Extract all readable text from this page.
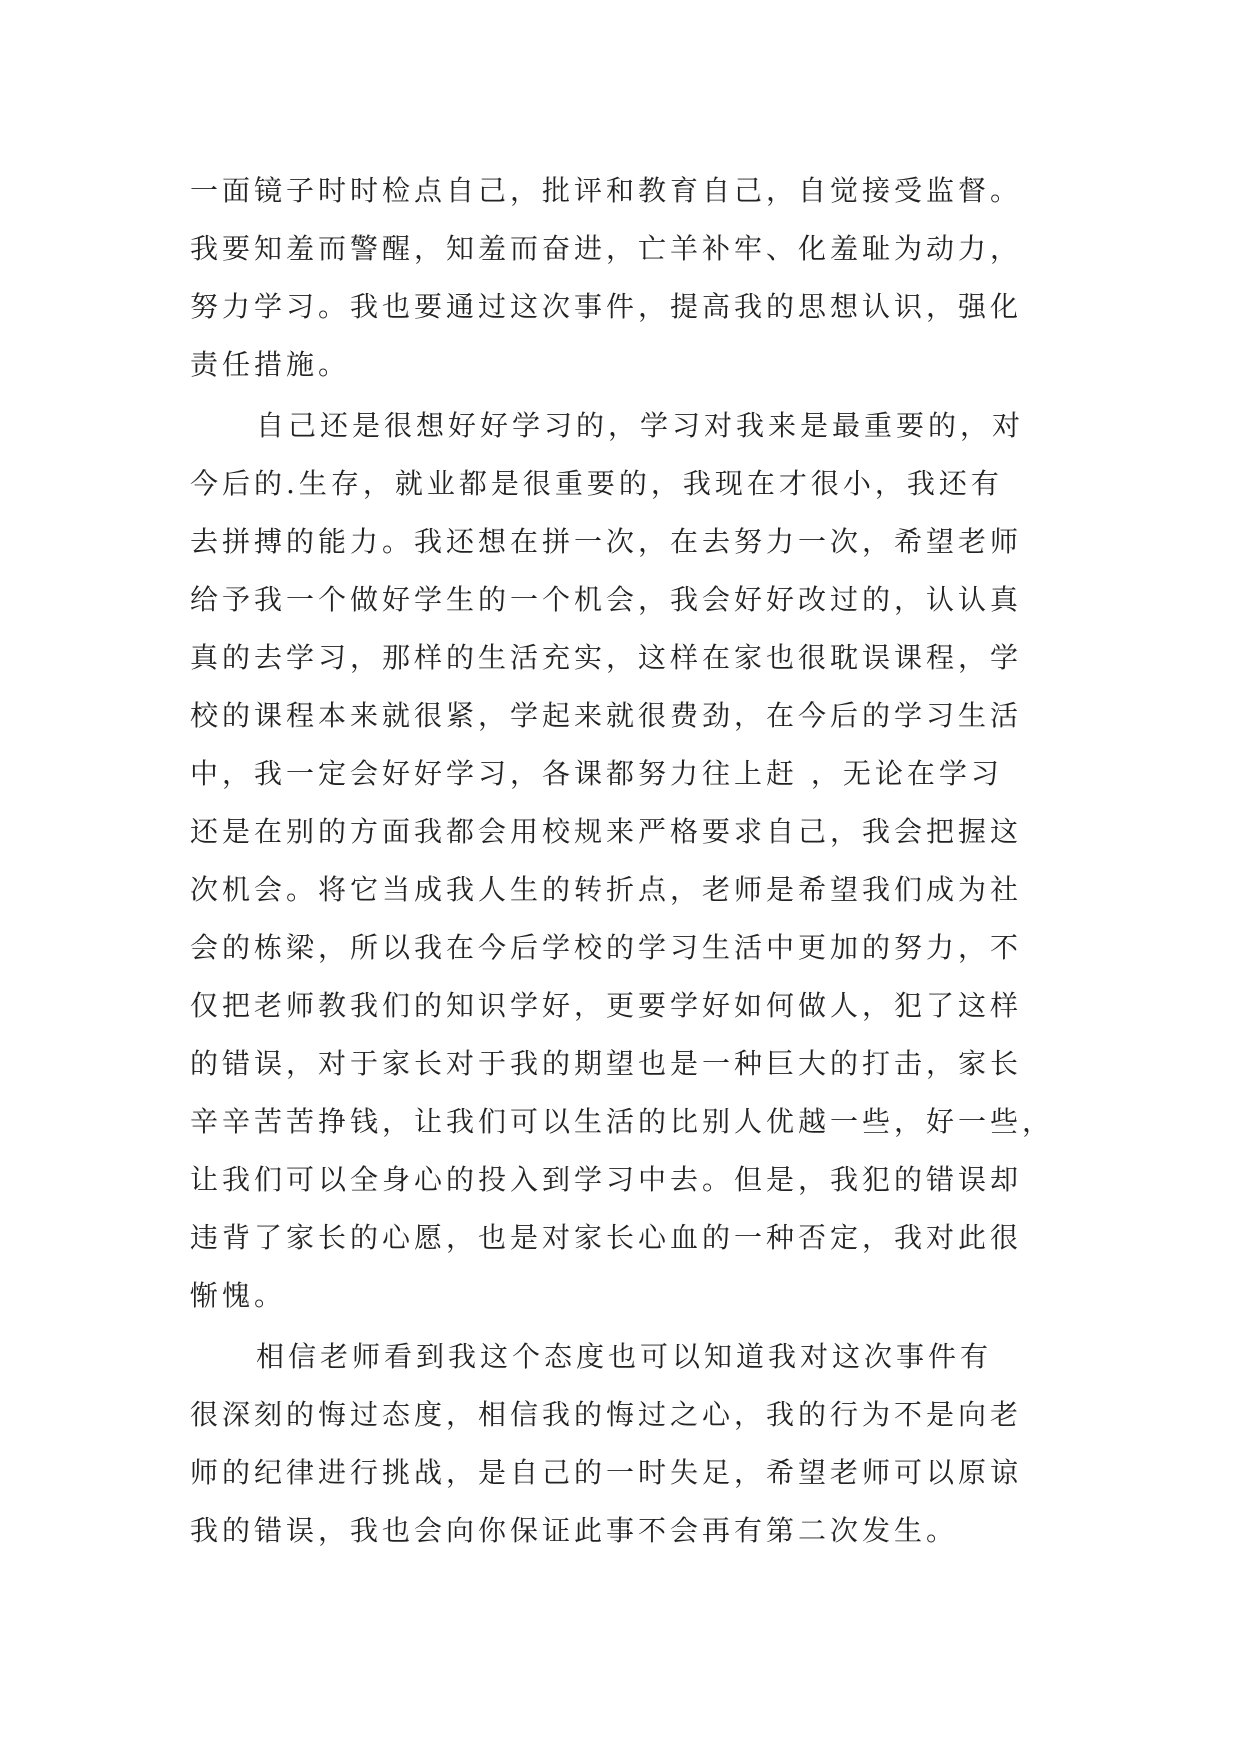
一面镜子时时检点自己，批评和教育自己，自觉接受监督。
我要知羞而警醒，知羞而奋进，亡羊补牢、化羞耻为动力，
努力学习。我也要通过这次事件，提高我的思想认识，强化
责任措施。
自己还是很想好好学习的，学习对我来是最重要的，对
今后的.生存，就业都是很重要的，我现在才很小，我还有
去拼搏的能力。我还想在拼一次，在去努力一次，希望老师
给予我一个做好学生的一个机会，我会好好改过的，认认真
真的去学习，那样的生活充实，这样在家也很耽误课程，学
校的课程本来就很紧，学起来就很费劲，在今后的学习生活
中，我一定会好好学习，各课都努力往上赶 ，无论在学习
还是在别的方面我都会用校规来严格要求自己，我会把握这
次机会。将它当成我人生的转折点，老师是希望我们成为社
会的栋梁，所以我在今后学校的学习生活中更加的努力，不
仅把老师教我们的知识学好，更要学好如何做人，犯了这样
的错误，对于家长对于我的期望也是一种巨大的打击，家长
辛辛苦苦挣钱，让我们可以生活的比别人优越一些，好一些，
让我们可以全身心的投入到学习中去。但是，我犯的错误却
违背了家长的心愿，也是对家长心血的一种否定，我对此很
惭愧。
相信老师看到我这个态度也可以知道我对这次事件有
很深刻的悔过态度，相信我的悔过之心，我的行为不是向老
师的纪律进行挑战，是自己的一时失足，希望老师可以原谅
我的错误，我也会向你保证此事不会再有第二次发生。
